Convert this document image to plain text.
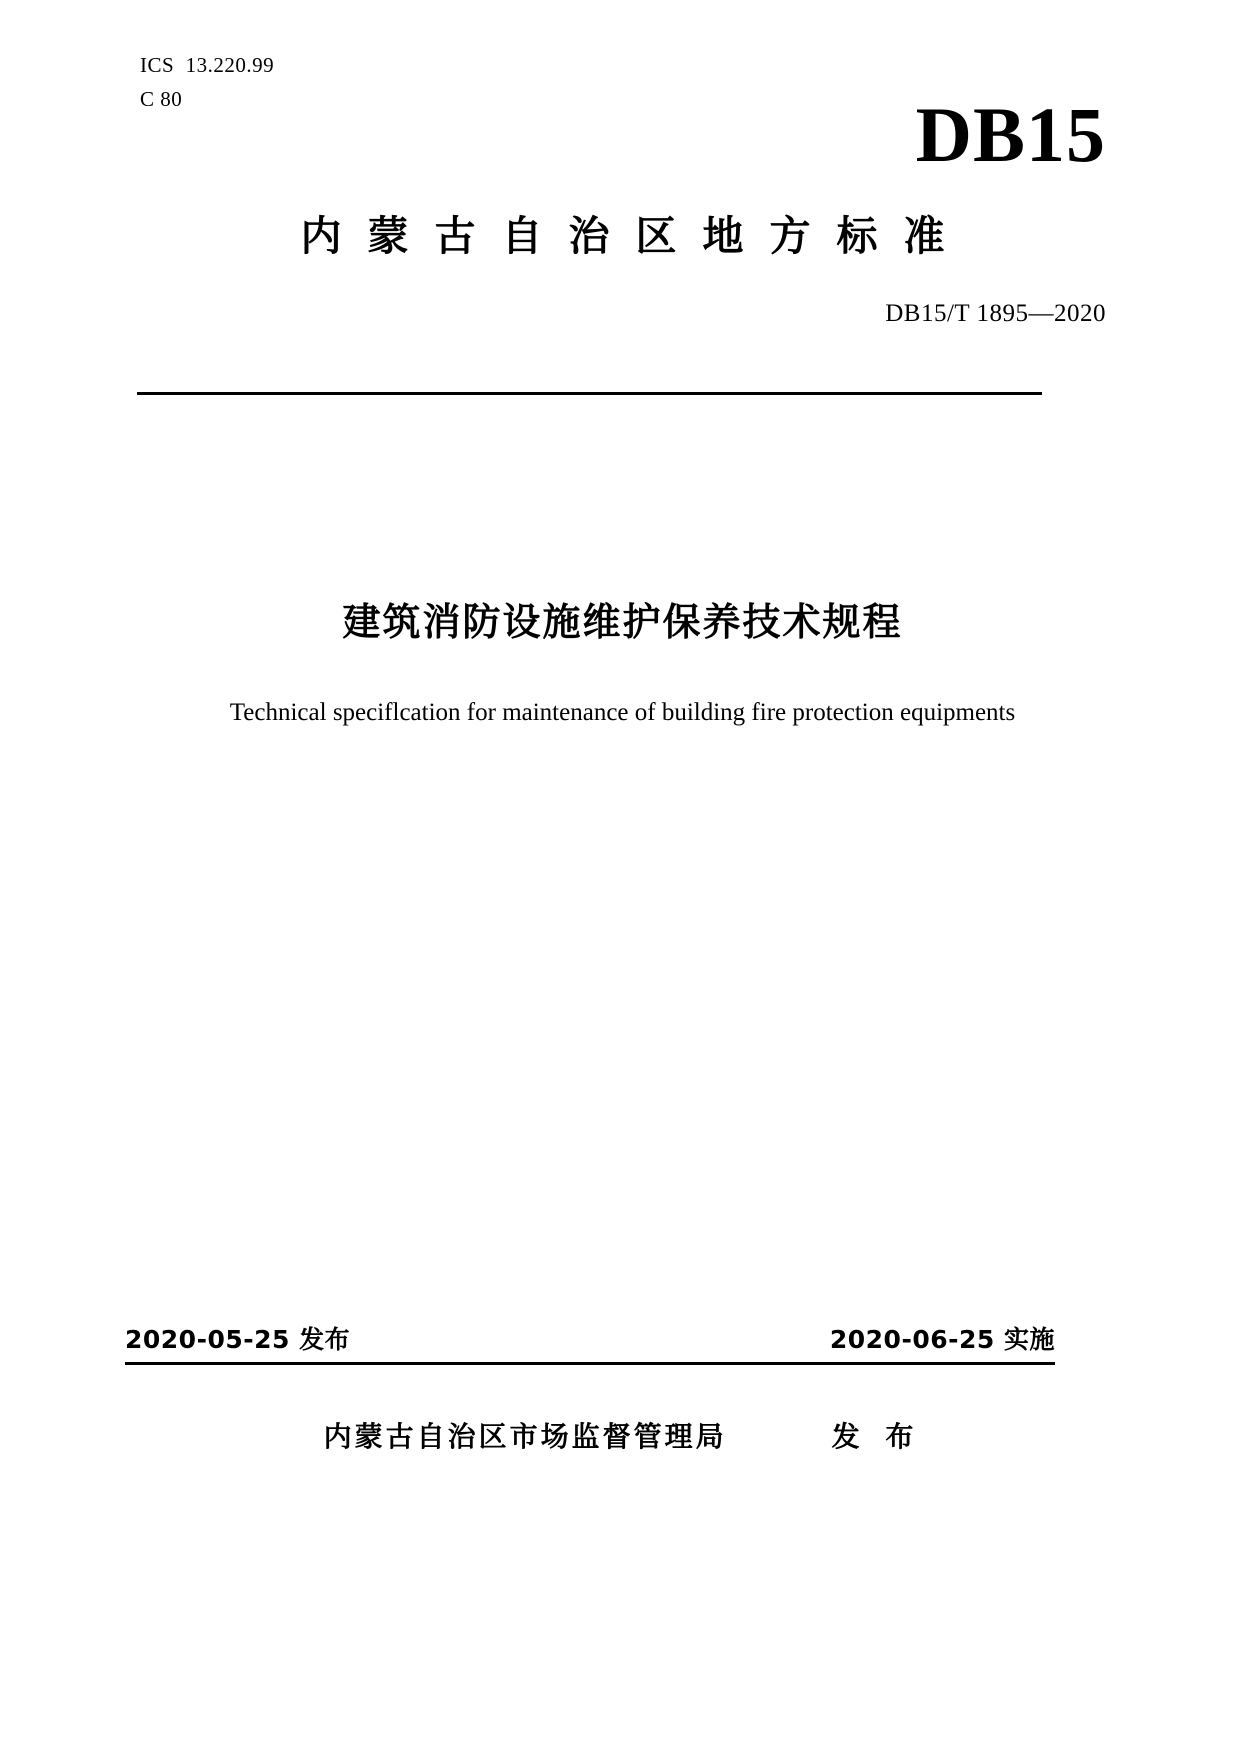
ICS  13.220.99
C 80	DB15
内蒙古自治区地方标准
DB15/T 1895—2020
建筑消防设施维护保养技术规程
Technical speciflcation for maintenance of building fire protection equipments
2020-05-25 发布	2020-06-25 实施
内蒙古自治区市场监督管理局	发 布
